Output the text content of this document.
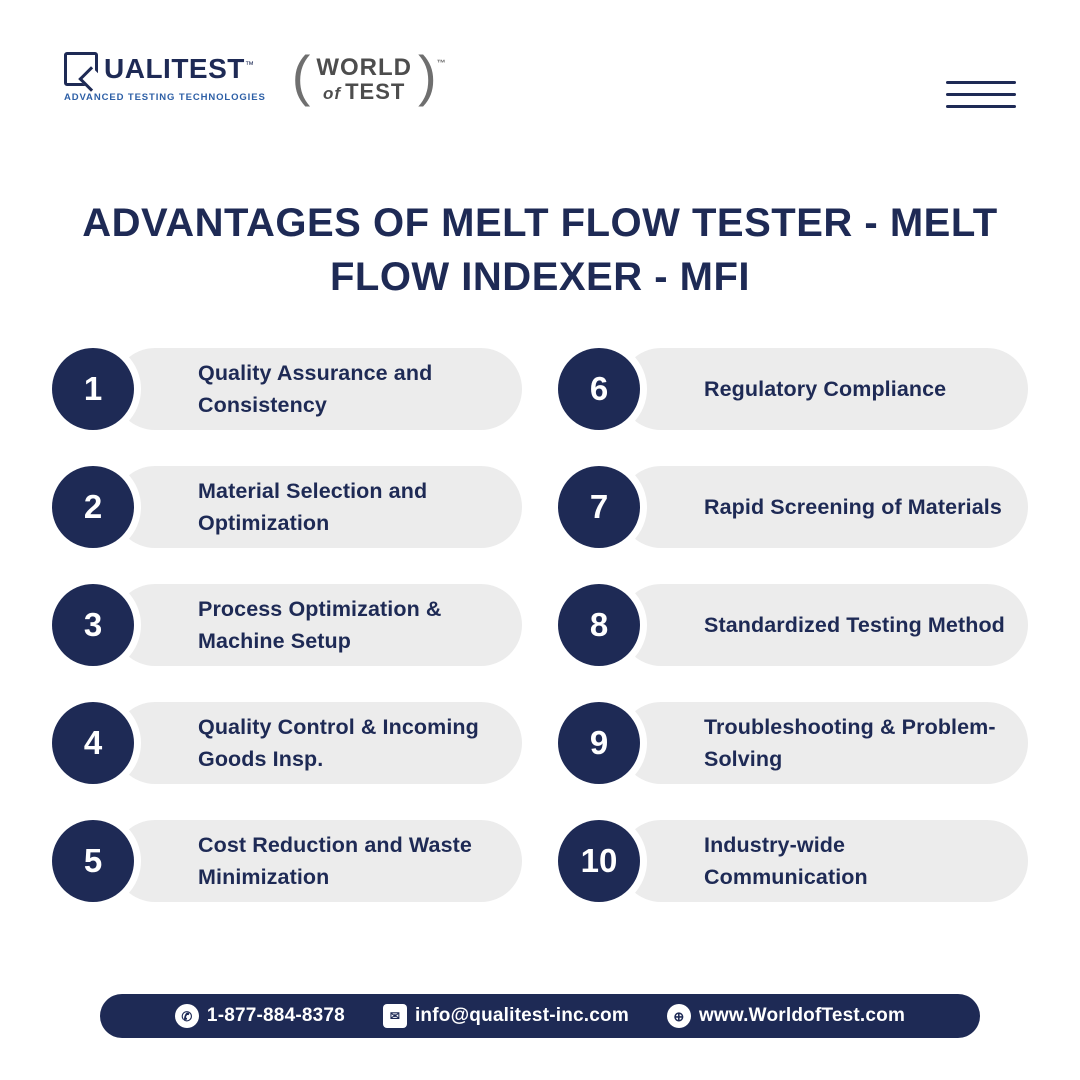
UALITEST™
ADVANCED TESTING TECHNOLOGIES ( WORLD
of TEST ) ™
ADVANTAGES OF MELT FLOW TESTER - MELT FLOW INDEXER - MFI
Quality Assurance and Consistency
1
Material Selection and Optimization
2
Process Optimization & Machine Setup
3
Quality Control & Incoming Goods Insp.
4
Cost Reduction and Waste Minimization
5
Regulatory Compliance
6
Rapid Screening of Materials
7
Standardized Testing Method
8
Troubleshooting & Problem-Solving
9
Industry-wide Communication
10
✆ 1-877-884-8378	✉ info@qualitest-inc.com	⊕ www.WorldofTest.com
